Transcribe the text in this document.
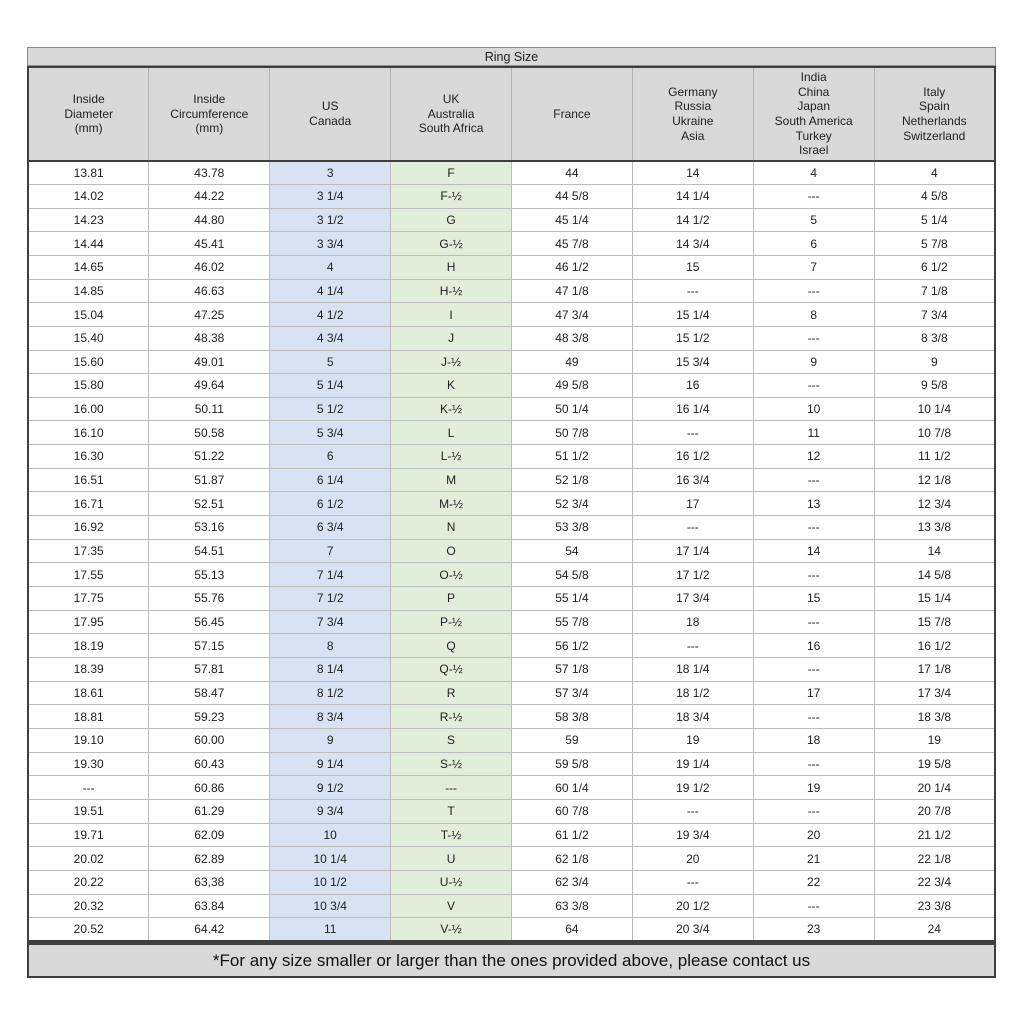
Ring Size
Inside
Diameter
(mm)

Inside
Circumference
(mm)

US
Canada

UK
Australia
South Africa

France

Germany
Russia
Ukraine
Asia

India
China
Japan
South America
Turkey
Israel

Italy
Spain
Netherlands
Switzerland

13.81	43.78	3	F	44	14	4	4
14.02	44.22	3 1/4	F-½	44 5/8	14 1/4	---	4 5/8
14.23	44.80	3 1/2	G	45 1/4	14 1/2	5	5 1/4
14.44	45.41	3 3/4	G-½	45 7/8	14 3/4	6	5 7/8
14.65	46.02	4	H	46 1/2	15	7	6 1/2
14.85	46.63	4 1/4	H-½	47 1/8	---	---	7 1/8
15.04	47.25	4 1/2	I	47 3/4	15 1/4	8	7 3/4
15.40	48.38	4 3/4	J	48 3/8	15 1/2	---	8 3/8
15.60	49.01	5	J-½	49	15 3/4	9	9
15.80	49.64	5 1/4	K	49 5/8	16	---	9 5/8
16.00	50.11	5 1/2	K-½	50 1/4	16 1/4	10	10 1/4
16.10	50.58	5 3/4	L	50 7/8	---	11	10 7/8
16.30	51.22	6	L-½	51 1/2	16 1/2	12	11 1/2
16.51	51.87	6 1/4	M	52 1/8	16 3/4	---	12 1/8
16.71	52.51	6 1/2	M-½	52 3/4	17	13	12 3/4
16.92	53.16	6 3/4	N	53 3/8	---	---	13 3/8
17.35	54.51	7	O	54	17 1/4	14	14
17.55	55.13	7 1/4	O-½	54 5/8	17 1/2	---	14 5/8
17.75	55.76	7 1/2	P	55 1/4	17 3/4	15	15 1/4
17.95	56.45	7 3/4	P-½	55 7/8	18	---	15 7/8
18.19	57.15	8	Q	56 1/2	---	16	16 1/2
18.39	57.81	8 1/4	Q-½	57 1/8	18 1/4	---	17 1/8
18.61	58.47	8 1/2	R	57 3/4	18 1/2	17	17 3/4
18.81	59.23	8 3/4	R-½	58 3/8	18 3/4	---	18 3/8
19.10	60.00	9	S	59	19	18	19
19.30	60.43	9 1/4	S-½	59 5/8	19 1/4	---	19 5/8
---	60.86	9 1/2	---	60 1/4	19 1/2	19	20 1/4
19.51	61.29	9 3/4	T	60 7/8	---	---	20 7/8
19.71	62.09	10	T-½	61 1/2	19 3/4	20	21 1/2
20.02	62.89	10 1/4	U	62 1/8	20	21	22 1/8
20.22	63,38	10 1/2	U-½	62 3/4	---	22	22 3/4
20.32	63.84	10 3/4	V	63 3/8	20 1/2	---	23 3/8
20.52	64.42	11	V-½	64	20 3/4	23	24
*For any size smaller or larger than the ones provided above, please contact us
